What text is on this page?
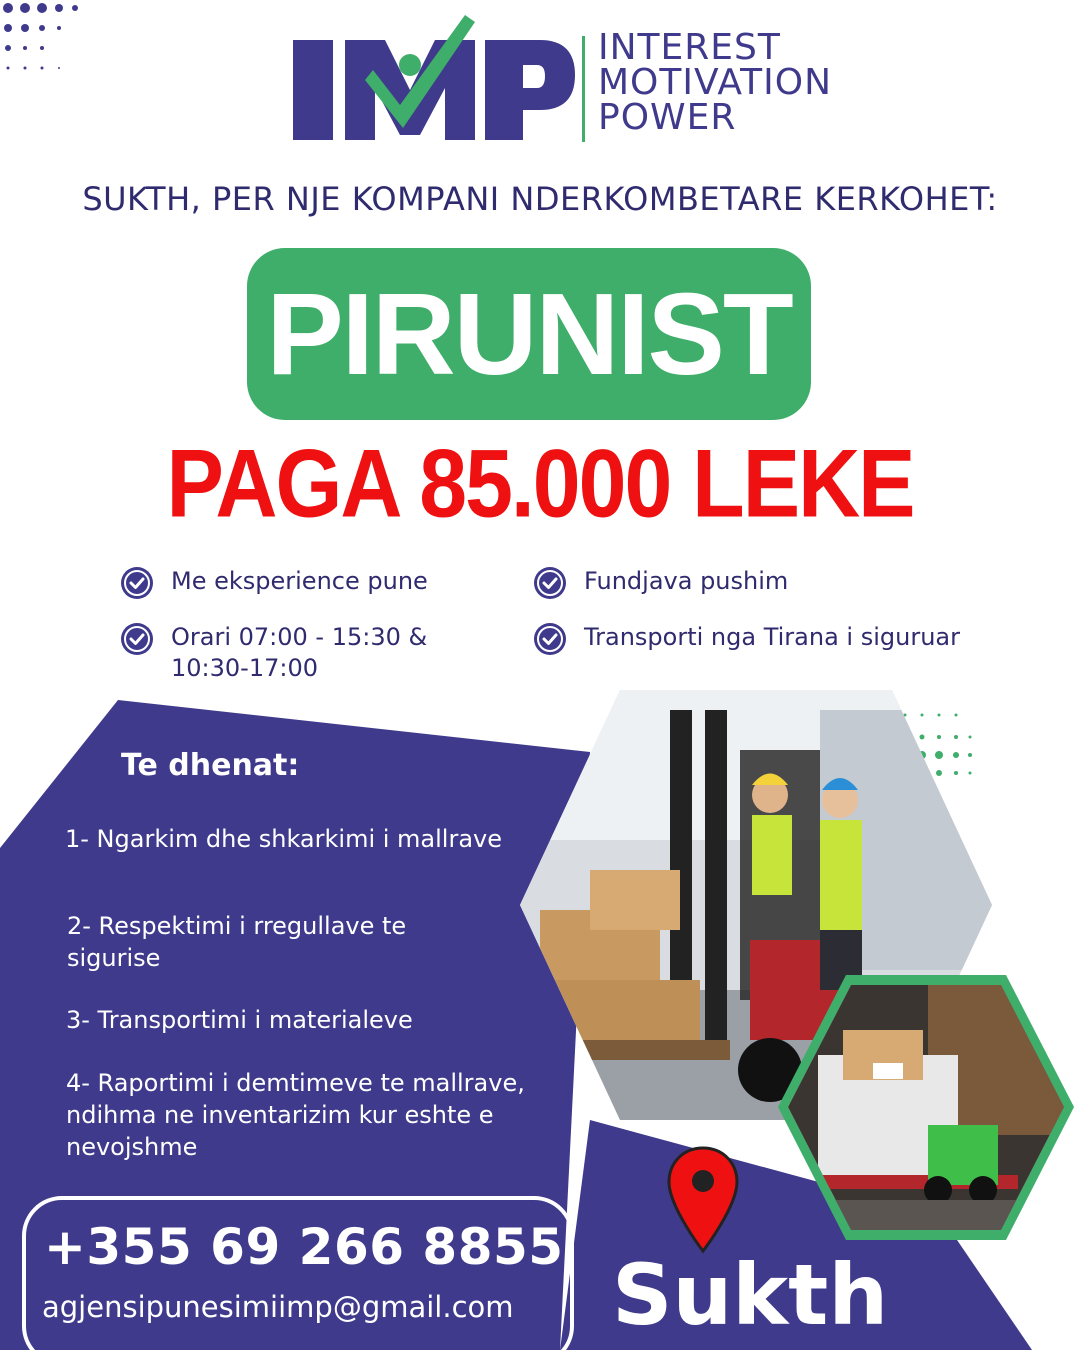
INTEREST
MOTIVATION
POWER
SUKTH, PER NJE KOMPANI NDERKOMBETARE KERKOHET:
PIRUNIST
PAGA 85.000 LEKE
Me eksperience pune
Orari 07:00 - 15:30 & 10:30-17:00
Fundjava pushim
Transporti nga Tirana i siguruar
Te dhenat:
1- Ngarkim dhe shkarkimi i mallrave
2- Respektimi i rregullave te sigurise
3- Transportimi i materialeve
4- Raportimi i demtimeve te mallrave, ndihma ne inventarizim kur eshte e nevojshme
+355 69 266 8855
agjensipunesimiimp@gmail.com Sukth
